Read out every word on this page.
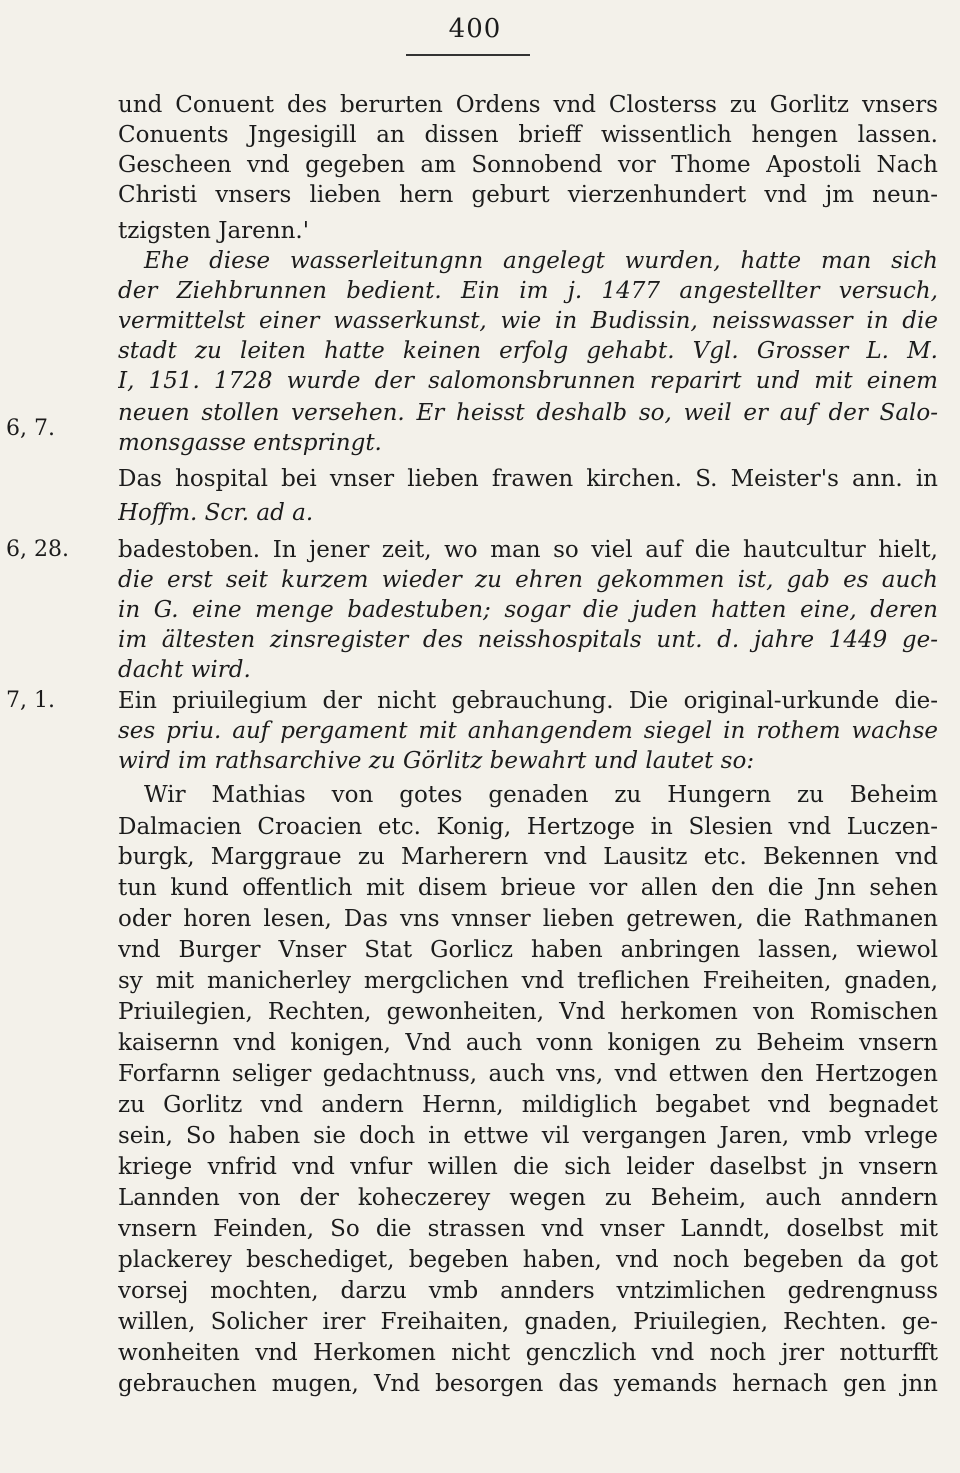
400
6, 7.
6, 28.
7, 1.
und Conuent des berurten Ordens vnd Closterss zu Gorlitz vnsers
Conuents Jngesigill an dissen brieff wissentlich hengen lassen.
Gescheen vnd gegeben am Sonnobend vor Thome Apostoli Nach
Christi vnsers lieben hern geburt vierzenhundert vnd jm neun-
tzigsten Jarenn.'
Ehe diese wasserleitungnn angelegt wurden, hatte man sich
der Ziehbrunnen bedient. Ein im j. 1477 angestellter versuch,
vermittelst einer wasserkunst, wie in Budissin, neisswasser in die
stadt zu leiten hatte keinen erfolg gehabt. Vgl. Grosser L. M.
I, 151. 1728 wurde der salomonsbrunnen reparirt und mit einem
neuen stollen versehen. Er heisst deshalb so, weil er auf der Salo-
monsgasse entspringt.
Das hospital bei vnser lieben frawen kirchen. S. Meister's ann. in
Hoffm. Scr. ad a.
badestoben. In jener zeit, wo man so viel auf die hautcultur hielt,
die erst seit kurzem wieder zu ehren gekommen ist, gab es auch
in G. eine menge badestuben; sogar die juden hatten eine, deren
im ältesten zinsregister des neisshospitals unt. d. jahre 1449 ge-
dacht wird.
Ein priuilegium der nicht gebrauchung. Die original-urkunde die-
ses priu. auf pergament mit anhangendem siegel in rothem wachse
wird im rathsarchive zu Görlitz bewahrt und lautet so:
Wir Mathias von gotes genaden zu Hungern zu Beheim
Dalmacien Croacien etc. Konig, Hertzoge in Slesien vnd Luczen-
burgk, Marggraue zu Marherern vnd Lausitz etc. Bekennen vnd
tun kund offentlich mit disem brieue vor allen den die Jnn sehen
oder horen lesen, Das vns vnnser lieben getrewen, die Rathmanen
vnd Burger Vnser Stat Gorlicz haben anbringen lassen, wiewol
sy mit manicherley mergclichen vnd treflichen Freiheiten, gnaden,
Priuilegien, Rechten, gewonheiten, Vnd herkomen von Romischen
kaisernn vnd konigen, Vnd auch vonn konigen zu Beheim vnsern
Forfarnn seliger gedachtnuss, auch vns, vnd ettwen den Hertzogen
zu Gorlitz vnd andern Hernn, mildiglich begabet vnd begnadet
sein, So haben sie doch in ettwe vil vergangen Jaren, vmb vrlege
kriege vnfrid vnd vnfur willen die sich leider daselbst jn vnsern
Lannden von der koheczerey wegen zu Beheim, auch anndern
vnsern Feinden, So die strassen vnd vnser Lanndt, doselbst mit
plackerey beschediget, begeben haben, vnd noch begeben da got
vorsej mochten, darzu vmb annders vntzimlichen gedrengnuss
willen, Solicher irer Freihaiten, gnaden, Priuilegien, Rechten. ge-
wonheiten vnd Herkomen nicht genczlich vnd noch jrer notturfft
gebrauchen mugen, Vnd besorgen das yemands hernach gen jnn
